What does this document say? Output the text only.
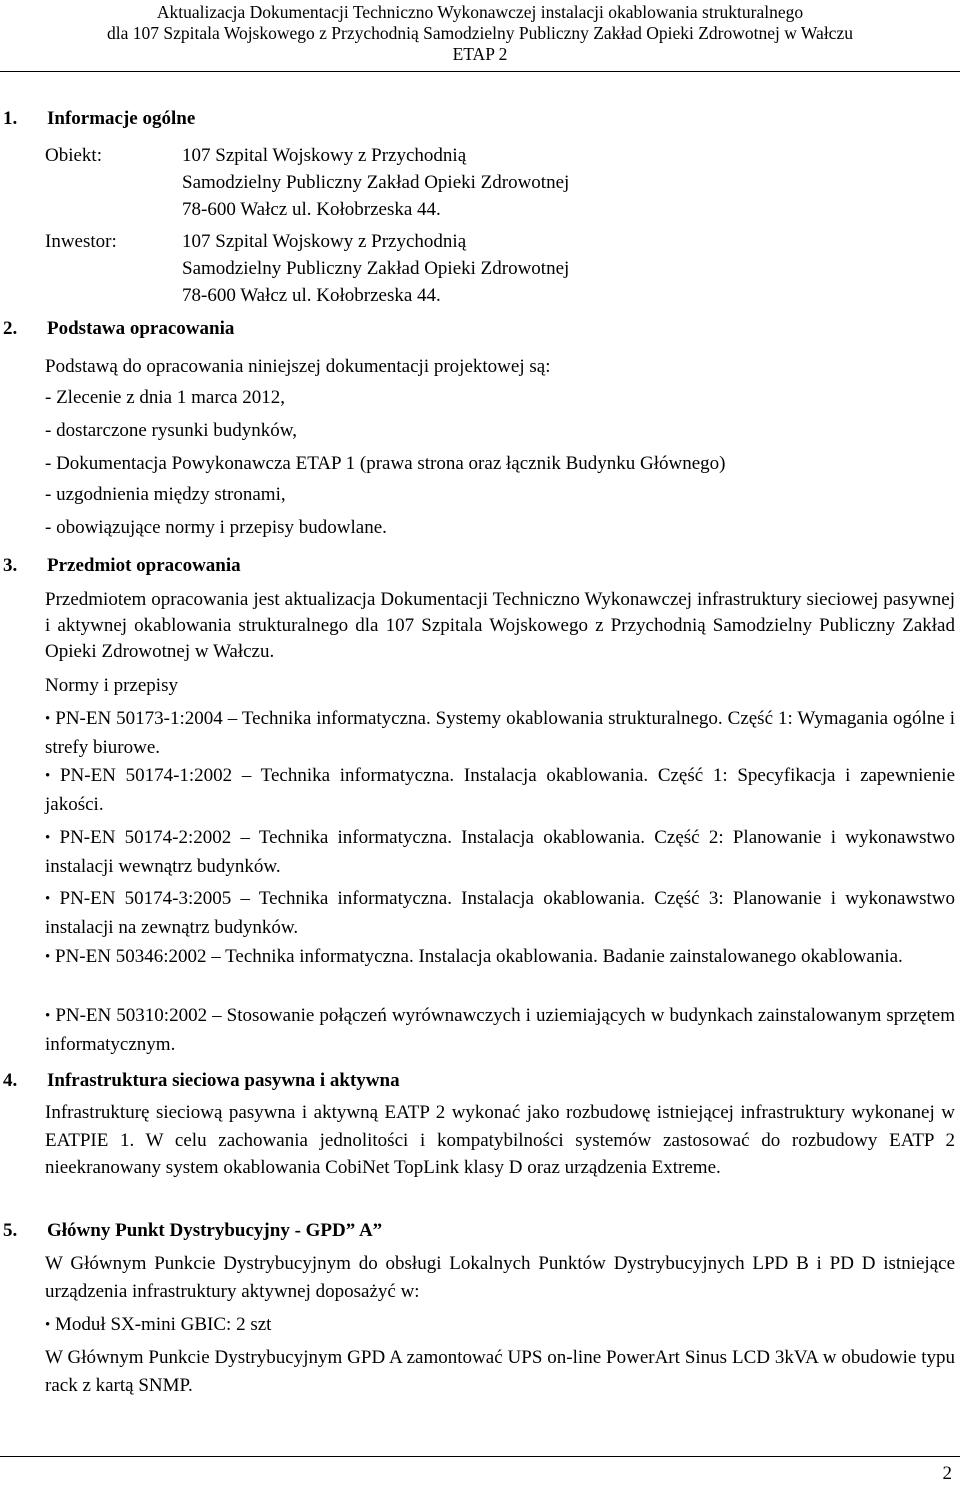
Aktualizacja Dokumentacji Techniczno Wykonawczej instalacji okablowania strukturalnego
dla 107 Szpitala Wojskowego z Przychodnią Samodzielny Publiczny Zakład Opieki Zdrowotnej w Wałczu
ETAP 2
1. Informacje ogólne
Obiekt:	107 Szpital Wojskowy z Przychodnią
Samodzielny Publiczny Zakład Opieki Zdrowotnej
78-600 Wałcz ul. Kołobrzeska 44.
Inwestor:	107 Szpital Wojskowy z Przychodnią
Samodzielny Publiczny Zakład Opieki Zdrowotnej
78-600 Wałcz ul. Kołobrzeska 44.
2. Podstawa opracowania
Podstawą do opracowania niniejszej dokumentacji projektowej są:
- Zlecenie z dnia 1 marca 2012,
- dostarczone rysunki budynków,
- Dokumentacja Powykonawcza ETAP 1 (prawa strona oraz łącznik Budynku Głównego)
- uzgodnienia między stronami,
- obowiązujące normy i przepisy budowlane.
3. Przedmiot opracowania
Przedmiotem opracowania jest aktualizacja Dokumentacji Techniczno Wykonawczej infrastruktury sieciowej pasywnej i aktywnej okablowania strukturalnego dla 107 Szpitala Wojskowego z Przychodnią Samodzielny Publiczny Zakład Opieki Zdrowotnej w Wałczu.
Normy i przepisy
• PN-EN 50173-1:2004 – Technika informatyczna. Systemy okablowania strukturalnego. Część 1: Wymagania ogólne i strefy biurowe.
• PN-EN 50174-1:2002 – Technika informatyczna. Instalacja okablowania. Część 1: Specyfikacja i zapewnienie jakości.
• PN-EN 50174-2:2002 – Technika informatyczna. Instalacja okablowania. Część 2: Planowanie i wykonawstwo instalacji wewnątrz budynków.
• PN-EN 50174-3:2005 – Technika informatyczna. Instalacja okablowania. Część 3: Planowanie i wykonawstwo instalacji na zewnątrz budynków.
• PN-EN 50346:2002 – Technika informatyczna. Instalacja okablowania. Badanie zainstalowanego okablowania.
• PN-EN 50310:2002 – Stosowanie połączeń wyrównawczych i uziemiających w budynkach zainstalowanym sprzętem informatycznym.
4. Infrastruktura sieciowa pasywna i aktywna
Infrastrukturę sieciową pasywna i aktywną EATP 2 wykonać jako rozbudowę istniejącej infrastruktury wykonanej w EATPIE 1. W celu zachowania jednolitości i kompatybilności systemów zastosować do rozbudowy EATP 2 nieekranowany system okablowania CobiNet TopLink klasy D oraz urządzenia Extreme.
5. Główny Punkt Dystrybucyjny - GPD” A”
W Głównym Punkcie Dystrybucyjnym do obsługi Lokalnych Punktów Dystrybucyjnych LPD B i PD D istniejące urządzenia infrastruktury aktywnej doposażyć w:
• Moduł SX-mini GBIC: 2 szt
W Głównym Punkcie Dystrybucyjnym GPD A zamontować UPS on-line PowerArt Sinus LCD 3kVA w obudowie typu rack z kartą SNMP.
2
